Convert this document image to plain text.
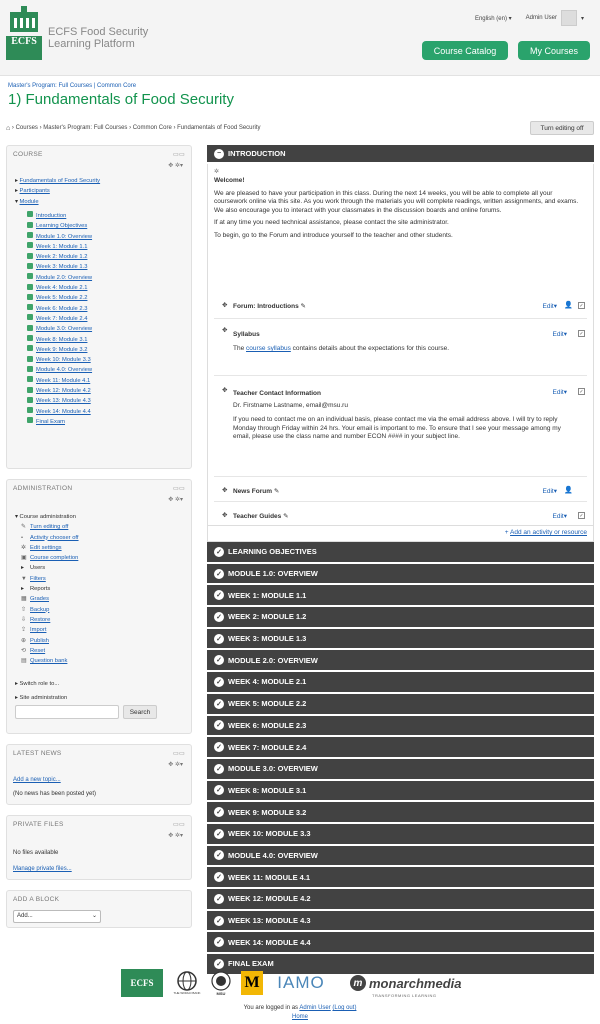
ECFS
ECFS Food Security Learning Platform
English (en) ▾ Admin User	▾
Course Catalog	My Courses
Master's Program: Full Courses | Common Core
1) Fundamentals of Food Security
⌂ › Courses › Master's Program: Full Courses › Common Core › Fundamentals of Food Security	Turn editing off
COURSE	▭▭
✥ ✲▾
▸ Fundamentals of Food Security
▸ Participants
▾ Module
Introduction
Learning Objectives
Module 1.0: Overview
Week 1: Module 1.1
Week 2: Module 1.2
Week 3: Module 1.3
Module 2.0: Overview
Week 4: Module 2.1
Week 5: Module 2.2
Week 6: Module 2.3
Week 7: Module 2.4
Module 3.0: Overview
Week 8: Module 3.1
Week 9: Module 3.2
Week 10: Module 3.3
Module 4.0: Overview
Week 11: Module 4.1
Week 12: Module 4.2
Week 13: Module 4.3
Week 14: Module 4.4
Final Exam
ADMINISTRATION	▭▭
✥ ✲▾
▾ Course administration
✎ Turn editing off
• Activity chooser off
✲ Edit settings
▣ Course completion
▸ Users
▼ Filters
▸ Reports
▦ Grades
⇧ Backup
⇩ Restore
⇪ Import
⊕ Publish
⟲ Reset
▤ Question bank
▸ Switch role to...
▸ Site administration
Search
LATEST NEWS	▭▭
✥ ✲▾
Add a new topic...
(No news has been posted yet)
PRIVATE FILES	▭▭
✥ ✲▾
No files available
Manage private files...
ADD A BLOCK
Add...	⌄
− INTRODUCTION
✲
Welcome!
We are pleased to have your participation in this class. During the next 14 weeks, you will be able to complete all your coursework online via this site. As you work through the materials you will complete readings, written assignments, and exams. We also encourage you to interact with your classmates in the discussion boards and online forums.
If at any time you need technical assistance, please contact the site administrator.
To begin, go to the Forum and introduce yourself to the teacher and other students.
✥ Forum: Introductions ✎	Edit▾ 👤 ✓
✥
Syllabus	Edit▾ ✓
The course syllabus contains details about the expectations for this course.
✥ Teacher Contact Information	Edit▾ ✓
Dr. Firstname Lastname, email@msu.ru
If you need to contact me on an individual basis, please contact me via the email address above. I will try to reply Monday through Friday within 24 hrs. Your email is important to me. To ensure that I see your message among my email, please use the class name and number ECON #### in your subject line.
✥ News Forum ✎	Edit▾ 👤
✥ Teacher Guides ✎	Edit▾ ✓
+ Add an activity or resource
✓ LEARNING OBJECTIVES
✓ MODULE 1.0: OVERVIEW
✓ WEEK 1: MODULE 1.1
✓ WEEK 2: MODULE 1.2
✓ WEEK 3: MODULE 1.3
✓ MODULE 2.0: OVERVIEW
✓ WEEK 4: MODULE 2.1
✓ WEEK 5: MODULE 2.2
✓ WEEK 6: MODULE 2.3
✓ WEEK 7: MODULE 2.4
✓ MODULE 3.0: OVERVIEW
✓ WEEK 8: MODULE 3.1
✓ WEEK 9: MODULE 3.2
✓ WEEK 10: MODULE 3.3
✓ MODULE 4.0: OVERVIEW
✓ WEEK 11: MODULE 4.1
✓ WEEK 12: MODULE 4.2
✓ WEEK 13: MODULE 4.3
✓ WEEK 14: MODULE 4.4
✓ FINAL EXAM
ECFS
THE WORLD BANK	MSU
M	IAMO	m monarchmedia
TRANSFORMING LEARNING
You are logged in as Admin User (Log out)
Home
